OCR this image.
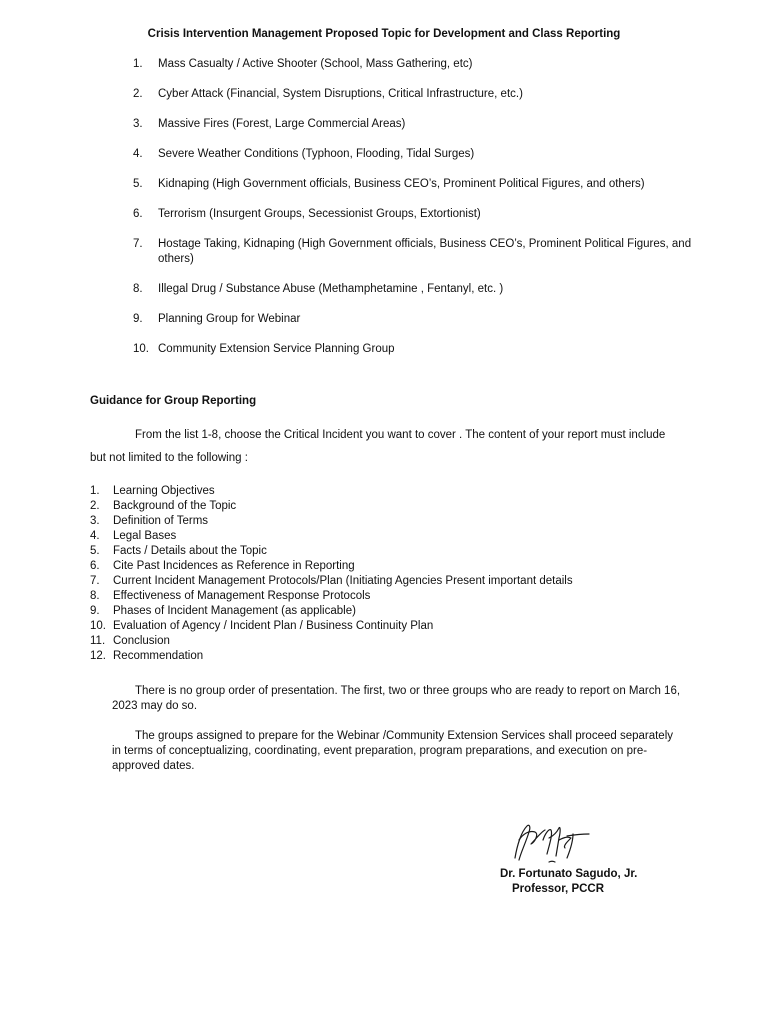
Crisis Intervention Management Proposed Topic for Development and Class Reporting
1.	Mass Casualty / Active Shooter (School, Mass Gathering, etc)
2.	Cyber Attack (Financial, System Disruptions, Critical Infrastructure, etc.)
3.	Massive Fires (Forest, Large Commercial Areas)
4.	Severe Weather Conditions (Typhoon, Flooding, Tidal Surges)
5.	Kidnaping (High Government officials, Business CEO’s, Prominent Political Figures, and others)
6.	Terrorism (Insurgent Groups, Secessionist Groups, Extortionist)
7.	Hostage Taking, Kidnaping (High Government officials, Business CEO’s, Prominent Political Figures, and others)
8.	Illegal Drug / Substance Abuse (Methamphetamine , Fentanyl, etc. )
9.	Planning Group for Webinar
10. Community Extension Service Planning Group
Guidance for Group Reporting
From the list 1-8, choose the Critical Incident you want to cover . The content of your report must include but not limited to the following :
1.	Learning Objectives
2.	Background of the Topic
3.	Definition of Terms
4.	Legal Bases
5.	Facts / Details about the Topic
6.	Cite Past Incidences as Reference in Reporting
7.	Current Incident Management Protocols/Plan (Initiating Agencies Present important details
8.	Effectiveness of Management Response Protocols
9.	Phases of Incident Management (as applicable)
10. Evaluation of Agency / Incident Plan / Business Continuity Plan
11. Conclusion
12. Recommendation
There is no group order of presentation. The first, two or three groups who are ready to report on March 16, 2023 may do so.
The groups assigned to prepare for the Webinar /Community Extension Services shall proceed separately in terms of conceptualizing, coordinating, event preparation, program preparations, and execution on pre-approved dates.
Dr. Fortunato Sagudo, Jr.
Professor, PCCR
